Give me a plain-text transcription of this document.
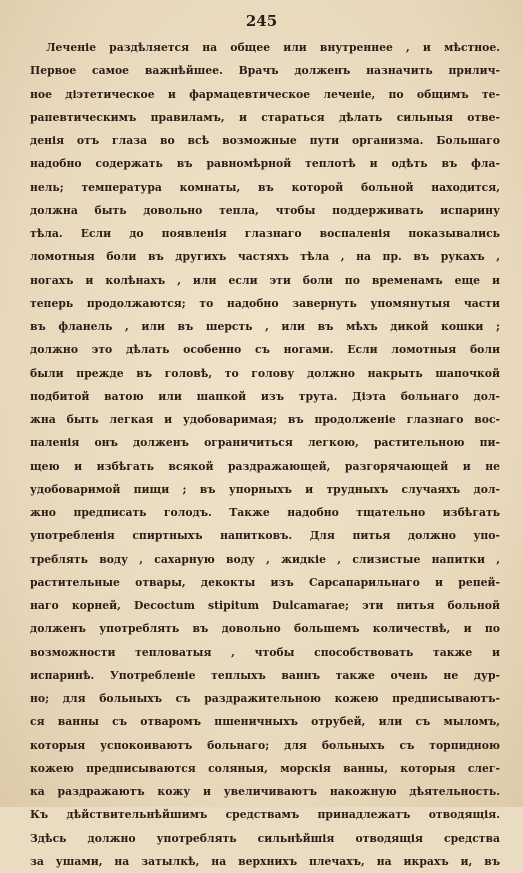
245
Леченіе раздѣляется на общее или внутреннее , и мѣстное.
Первое самое важнѣйшее. Врачъ долженъ назначить прилич-
ное діэтетическое и фармацевтическое леченіе, по общимъ те-
рапевтическимъ правиламъ, и стараться дѣлать сильныя отве-
денія отъ глаза во всѣ возможные пути организма. Большаго
надобно содержать въ равномѣрной теплотѣ и одѣть въ фла-
нель; температура комнаты, въ которой больной находится,
должна быть довольно тепла, чтобы поддерживать испарину
тѣла. Если до появленія глазнаго воспаленія показывались
ломотныя боли въ другихъ частяхъ тѣла , на пр. въ рукахъ ,
ногахъ и колѣнахъ , или если эти боли по временамъ еще и
теперь продолжаются; то надобно завернуть упомянутыя части
въ фланель , или въ шерсть , или въ мѣхъ дикой кошки ;
должно это дѣлать особенно съ ногами. Если ломотныя боли
были прежде въ головѣ, то голову должно накрыть шапочкой
подбитой ватою или шапкой изъ трута. Діэта больнаго дол-
жна быть легкая и удобоваримая; въ продолженіе глазнаго вос-
паленія онъ долженъ ограничиться легкою, растительною пи-
щею и избѣгать всякой раздражающей, разгорячающей и не
удобоваримой пищи ; въ упорныхъ и трудныхъ случаяхъ дол-
жно предписать голодъ. Также надобно тщательно избѣгать
употребленія спиртныхъ напитковъ. Для питья должно упо-
треблять воду , сахарную воду , жидкіе , слизистые напитки ,
растительные отвары, декокты изъ Сарсапарильнаго и репей-
наго корней, Decoctum stipitum Dulcamarae; эти питья больной
долженъ употреблять въ довольно большемъ количествѣ, и по
возможности тепловатыя , чтобы способствовать также и
испаринѣ. Употребленіе теплыхъ ваннъ также очень не дур-
но; для больныхъ съ раздражительною кожею предписываютъ-
ся ванны съ отваромъ пшеничныхъ отрубей, или съ мыломъ,
которыя успокоиваютъ больнаго; для больныхъ съ торпидною
кожею предписываются соляныя, морскія ванны, которыя слег-
ка раздражаютъ кожу и увеличиваютъ накожную дѣятельность.
Къ дѣйствительнѣйшимъ средствамъ принадлежатъ отводящія.
Здѣсь должно употреблять сильнѣйшія отводящія средства
за ушами, на затылкѣ, на верхнихъ плечахъ, на икрахъ и, въ
